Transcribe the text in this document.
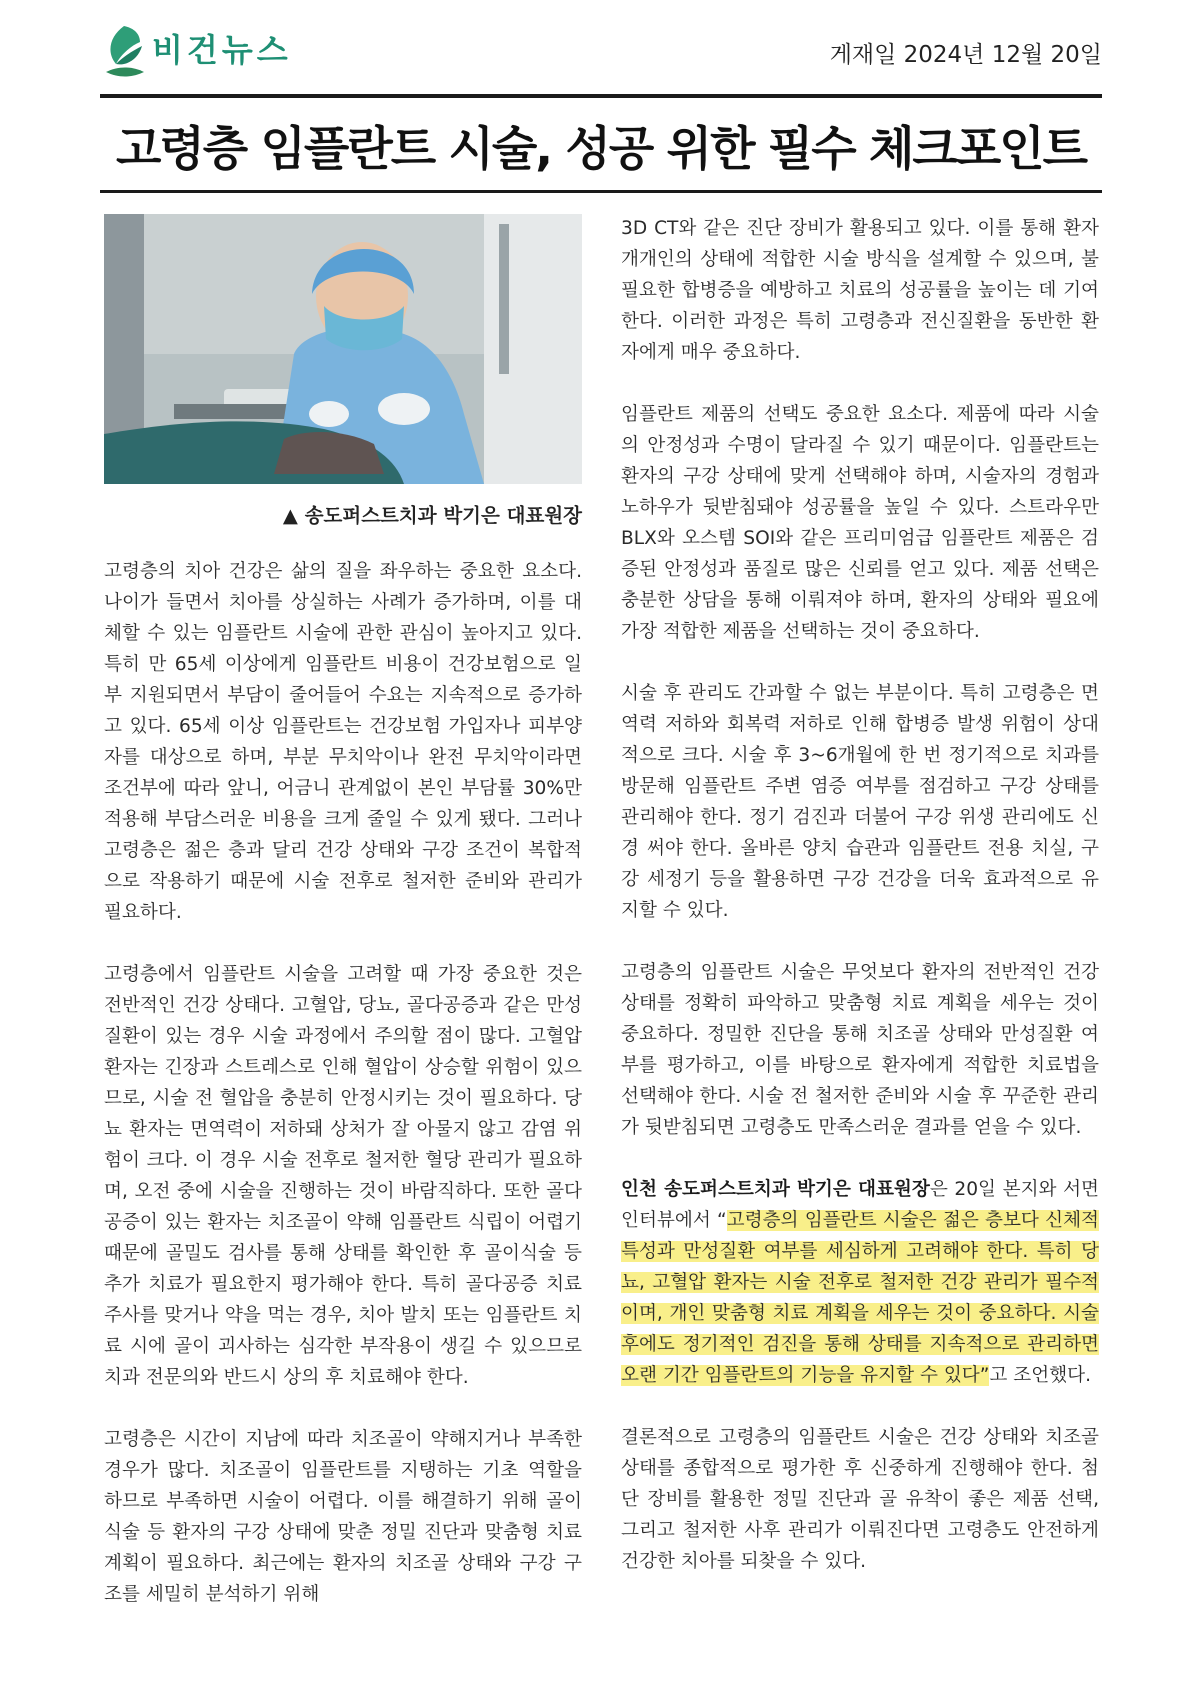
비건뉴스	게재일 2024년 12월 20일
고령층 임플란트 시술, 성공 위한 필수 체크포인트
▲ 송도퍼스트치과 박기은 대표원장

고령층의 치아 건강은 삶의 질을 좌우하는 중요한 요소다. 나이가 들면서 치아를 상실하는 사례가 증가하며, 이를 대체할 수 있는 임플란트 시술에 관한 관심이 높아지고 있다. 특히 만 65세 이상에게 임플란트 비용이 건강보험으로 일부 지원되면서 부담이 줄어들어 수요는 지속적으로 증가하고 있다. 65세 이상 임플란트는 건강보험 가입자나 피부양자를 대상으로 하며, 부분 무치악이나 완전 무치악이라면 조건부에 따라 앞니, 어금니 관계없이 본인 부담률 30%만 적용해 부담스러운 비용을 크게 줄일 수 있게 됐다. 그러나 고령층은 젊은 층과 달리 건강 상태와 구강 조건이 복합적으로 작용하기 때문에 시술 전후로 철저한 준비와 관리가 필요하다.

고령층에서 임플란트 시술을 고려할 때 가장 중요한 것은 전반적인 건강 상태다. 고혈압, 당뇨, 골다공증과 같은 만성질환이 있는 경우 시술 과정에서 주의할 점이 많다. 고혈압 환자는 긴장과 스트레스로 인해 혈압이 상승할 위험이 있으므로, 시술 전 혈압을 충분히 안정시키는 것이 필요하다. 당뇨 환자는 면역력이 저하돼 상처가 잘 아물지 않고 감염 위험이 크다. 이 경우 시술 전후로 철저한 혈당 관리가 필요하며, 오전 중에 시술을 진행하는 것이 바람직하다. 또한 골다공증이 있는 환자는 치조골이 약해 임플란트 식립이 어렵기 때문에 골밀도 검사를 통해 상태를 확인한 후 골이식술 등 추가 치료가 필요한지 평가해야 한다. 특히 골다공증 치료 주사를 맞거나 약을 먹는 경우, 치아 발치 또는 임플란트 치료 시에 골이 괴사하는 심각한 부작용이 생길 수 있으므로 치과 전문의와 반드시 상의 후 치료해야 한다.

고령층은 시간이 지남에 따라 치조골이 약해지거나 부족한 경우가 많다. 치조골이 임플란트를 지탱하는 기초 역할을 하므로 부족하면 시술이 어렵다. 이를 해결하기 위해 골이식술 등 환자의 구강 상태에 맞춘 정밀 진단과 맞춤형 치료 계획이 필요하다. 최근에는 환자의 치조골 상태와 구강 구조를 세밀히 분석하기 위해

3D CT와 같은 진단 장비가 활용되고 있다. 이를 통해 환자 개개인의 상태에 적합한 시술 방식을 설계할 수 있으며, 불필요한 합병증을 예방하고 치료의 성공률을 높이는 데 기여한다. 이러한 과정은 특히 고령층과 전신질환을 동반한 환자에게 매우 중요하다.

임플란트 제품의 선택도 중요한 요소다. 제품에 따라 시술의 안정성과 수명이 달라질 수 있기 때문이다. 임플란트는 환자의 구강 상태에 맞게 선택해야 하며, 시술자의 경험과 노하우가 뒷받침돼야 성공률을 높일 수 있다. 스트라우만 BLX와 오스템 SOI와 같은 프리미엄급 임플란트 제품은 검증된 안정성과 품질로 많은 신뢰를 얻고 있다. 제품 선택은 충분한 상담을 통해 이뤄져야 하며, 환자의 상태와 필요에 가장 적합한 제품을 선택하는 것이 중요하다.

시술 후 관리도 간과할 수 없는 부분이다. 특히 고령층은 면역력 저하와 회복력 저하로 인해 합병증 발생 위험이 상대적으로 크다. 시술 후 3~6개월에 한 번 정기적으로 치과를 방문해 임플란트 주변 염증 여부를 점검하고 구강 상태를 관리해야 한다. 정기 검진과 더불어 구강 위생 관리에도 신경 써야 한다. 올바른 양치 습관과 임플란트 전용 치실, 구강 세정기 등을 활용하면 구강 건강을 더욱 효과적으로 유지할 수 있다.

고령층의 임플란트 시술은 무엇보다 환자의 전반적인 건강 상태를 정확히 파악하고 맞춤형 치료 계획을 세우는 것이 중요하다. 정밀한 진단을 통해 치조골 상태와 만성질환 여부를 평가하고, 이를 바탕으로 환자에게 적합한 치료법을 선택해야 한다. 시술 전 철저한 준비와 시술 후 꾸준한 관리가 뒷받침되면 고령층도 만족스러운 결과를 얻을 수 있다.

인천 송도퍼스트치과 박기은 대표원장은 20일 본지와 서면 인터뷰에서 “고령층의 임플란트 시술은 젊은 층보다 신체적 특성과 만성질환 여부를 세심하게 고려해야 한다. 특히 당뇨, 고혈압 환자는 시술 전후로 철저한 건강 관리가 필수적이며, 개인 맞춤형 치료 계획을 세우는 것이 중요하다. 시술 후에도 정기적인 검진을 통해 상태를 지속적으로 관리하면 오랜 기간 임플란트의 기능을 유지할 수 있다”고 조언했다.

결론적으로 고령층의 임플란트 시술은 건강 상태와 치조골 상태를 종합적으로 평가한 후 신중하게 진행해야 한다. 첨단 장비를 활용한 정밀 진단과 골 유착이 좋은 제품 선택, 그리고 철저한 사후 관리가 이뤄진다면 고령층도 안전하게 건강한 치아를 되찾을 수 있다.
